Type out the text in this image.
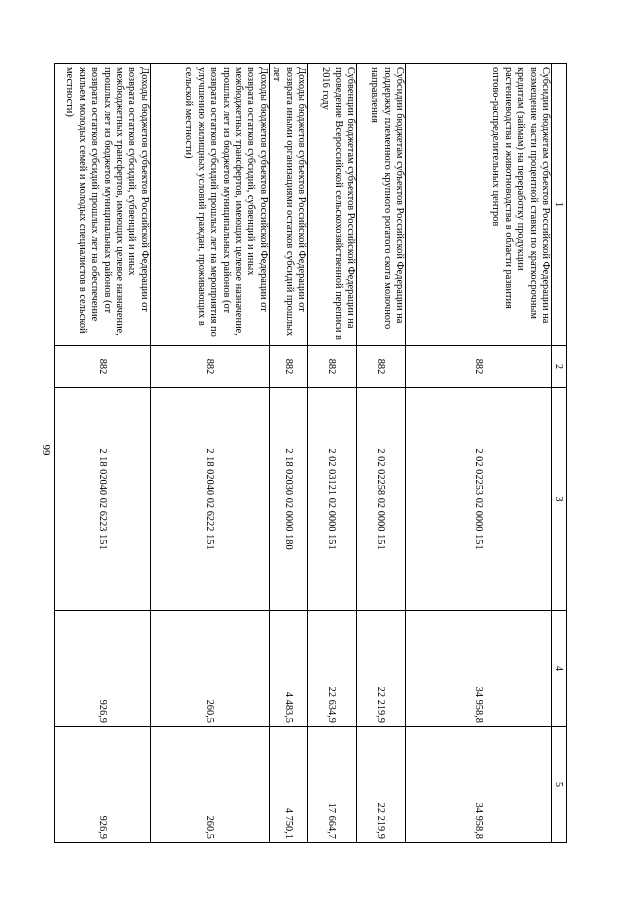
66
1	2	3	4	5
Субсидии бюджетам субъектов Российской Федерации на возмещение части процентной ставки по краткосрочным кредитам (займам) на переработку продукции растениеводства и животноводства в области развития оптово-распределительных центров	882	2 02 02253 02 0000 151	34 958,8	34 958,8
Субсидии бюджетам субъектов Российской Федерации на поддержку племенного крупного рогатого скота молочного направления	882	2 02 02258 02 0000 151	22 219,9	22 219,9
Субвенции бюджетам субъектов Российской Федерации на проведение Всероссийской сельскохозяйственной переписи в 2016 году	882	2 02 03121 02 0000 151	22 634,9	17 664,7
Доходы бюджетов субъектов Российской Федерации от возврата иными организациями остатков субсидий прошлых лет	882	2 18 02030 02 0000 180	4 483,5	4 750,1
Доходы бюджетов субъектов Российской Федерации от возврата остатков субсидий, субвенций и иных межбюджетных трансфертов, имеющих целевое назначение, прошлых лет из бюджетов муниципальных районов (от возврата остатков субсидий прошлых лет на мероприятия по улучшению жилищных условий граждан, проживающих в сельской местности)	882	2 18 02040 02 6222 151	260,5	260,5
Доходы бюджетов субъектов Российской Федерации от возврата остатков субсидий, субвенций и иных межбюджетных трансфертов, имеющих целевое назначение, прошлых лет из бюджетов муниципальных районов (от возврата остатков субсидий прошлых лет на обеспечение жильем молодых семей и молодых специалистов в сельской местности)	882	2 18 02040 02 6223 151	926,9	926,9
